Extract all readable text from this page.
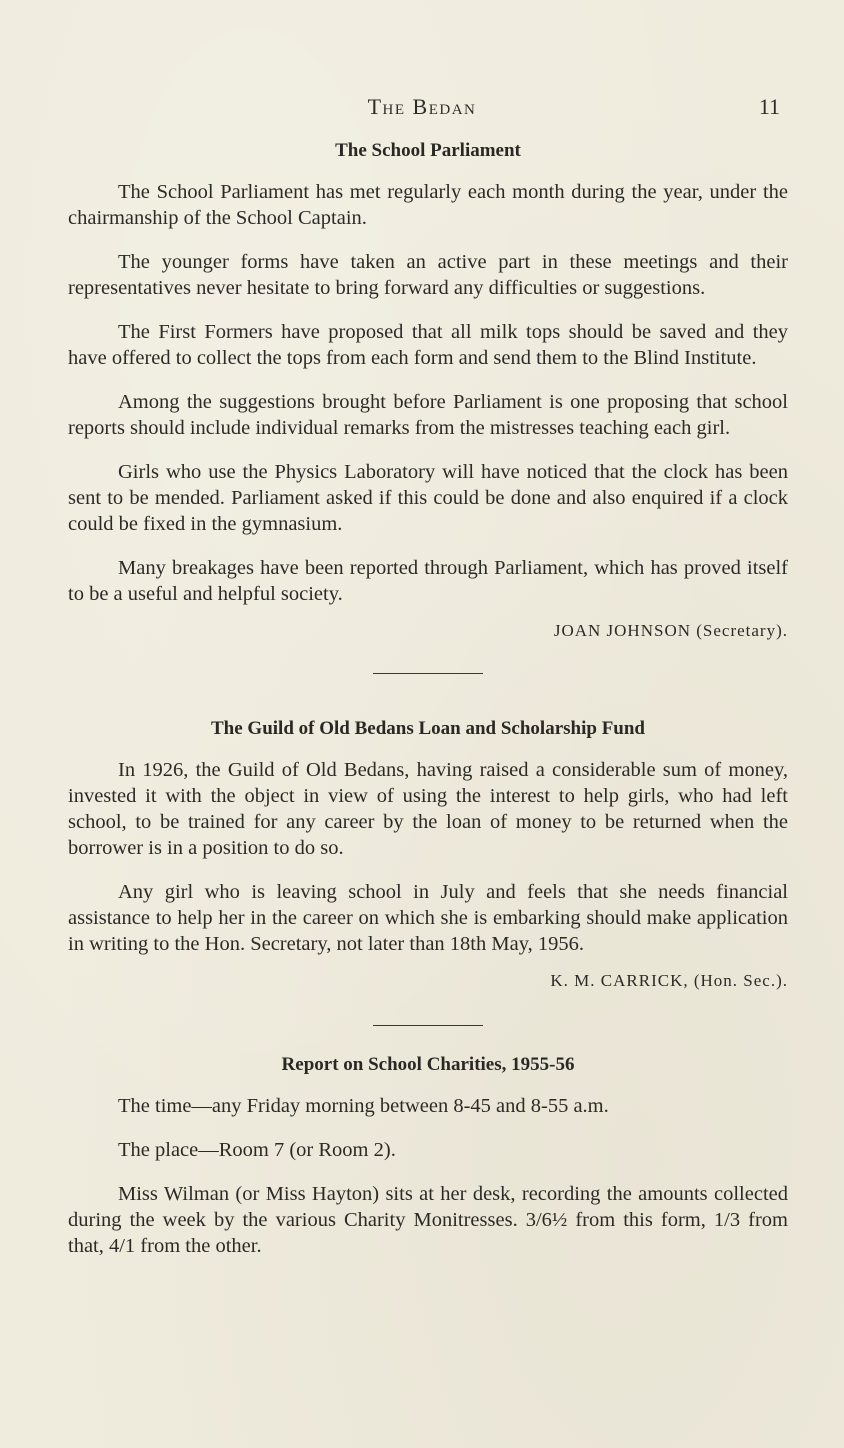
The Bedan	11
The School Parliament

The School Parliament has met regularly each month during the year, under the chairmanship of the School Captain.

The younger forms have taken an active part in these meetings and their representatives never hesitate to bring forward any difficulties or suggestions.

The First Formers have proposed that all milk tops should be saved and they have offered to collect the tops from each form and send them to the Blind Institute.

Among the suggestions brought before Parliament is one proposing that school reports should include individual remarks from the mistresses teaching each girl.

Girls who use the Physics Laboratory will have noticed that the clock has been sent to be mended. Parliament asked if this could be done and also enquired if a clock could be fixed in the gymnasium.

Many breakages have been reported through Parliament, which has proved itself to be a useful and helpful society.

JOAN JOHNSON (Secretary).

The Guild of Old Bedans Loan and Scholarship Fund

In 1926, the Guild of Old Bedans, having raised a considerable sum of money, invested it with the object in view of using the interest to help girls, who had left school, to be trained for any career by the loan of money to be returned when the borrower is in a position to do so.

Any girl who is leaving school in July and feels that she needs financial assistance to help her in the career on which she is embarking should make application in writing to the Hon. Secretary, not later than 18th May, 1956.

K. M. CARRICK, (Hon. Sec.).

Report on School Charities, 1955-56

The time—any Friday morning between 8-45 and 8-55 a.m.

The place—Room 7 (or Room 2).

Miss Wilman (or Miss Hayton) sits at her desk, recording the amounts collected during the week by the various Charity Monitresses. 3/6½ from this form, 1/3 from that, 4/1 from the other.
